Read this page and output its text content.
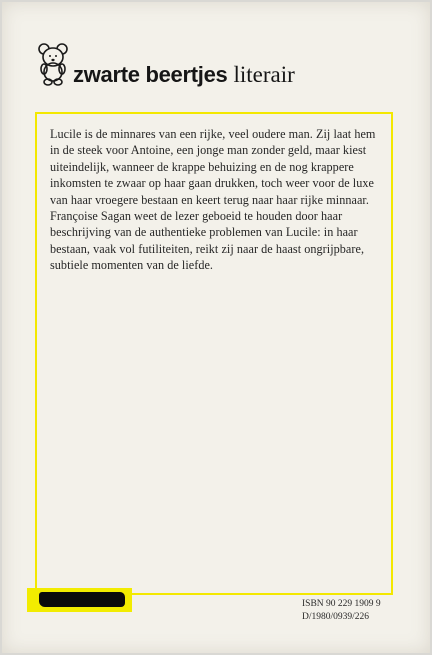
zwarte beertjes literair

Lucile is de minnares van een rijke, veel oudere man. Zij laat hem in de steek voor Antoine, een jonge man zonder geld, maar kiest uiteindelijk, wanneer de krappe behuizing en de nog krappere inkomsten te zwaar op haar gaan drukken, toch weer voor de luxe van haar vroegere bestaan en keert terug naar haar rijke minnaar. Françoise Sagan weet de lezer geboeid te houden door haar beschrijving van de authentieke problemen van Lucile: in haar bestaan, vaak vol futiliteiten, reikt zij naar de haast ongrijpbare, subtiele momenten van de liefde.

ISBN 90 229 1909 9
D/1980/0939/226
